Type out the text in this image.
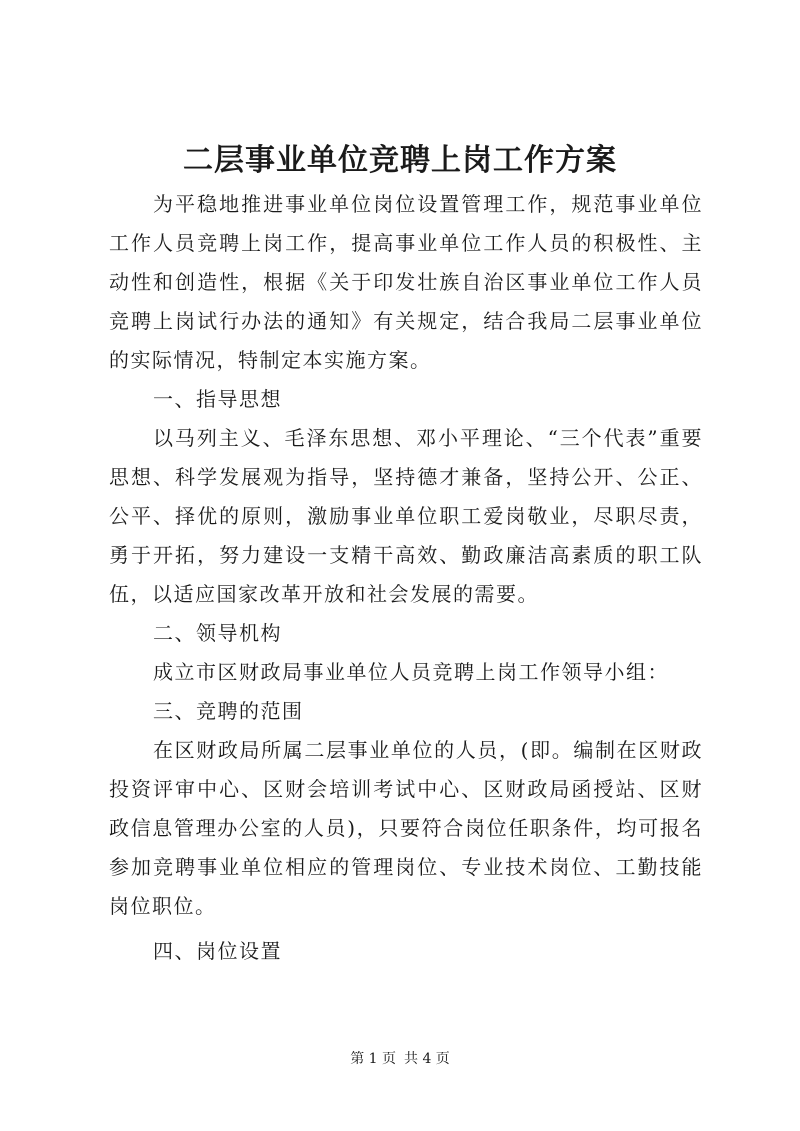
二层事业单位竞聘上岗工作方案

为平稳地推进事业单位岗位设置管理工作，规范事业单位工作人员竞聘上岗工作，提高事业单位工作人员的积极性、主动性和创造性，根据《关于印发壮族自治区事业单位工作人员竞聘上岗试行办法的通知》有关规定，结合我局二层事业单位的实际情况，特制定本实施方案。

一、指导思想

以马列主义、毛泽东思想、邓小平理论、“三个代表”重要思想、科学发展观为指导，坚持德才兼备，坚持公开、公正、公平、择优的原则，激励事业单位职工爱岗敬业，尽职尽责，勇于开拓，努力建设一支精干高效、勤政廉洁高素质的职工队伍，以适应国家改革开放和社会发展的需要。

二、领导机构

成立市区财政局事业单位人员竞聘上岗工作领导小组：

三、竞聘的范围

在区财政局所属二层事业单位的人员，(即。编制在区财政投资评审中心、区财会培训考试中心、区财政局函授站、区财政信息管理办公室的人员)，只要符合岗位任职条件，均可报名参加竞聘事业单位相应的管理岗位、专业技术岗位、工勤技能岗位职位。

四、岗位设置

第 1 页 共 4 页
